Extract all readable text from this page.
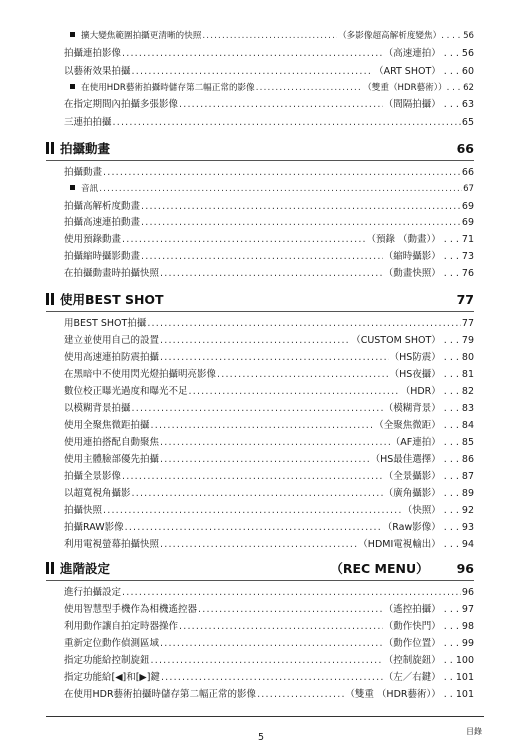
擴大變焦範圍拍攝更清晰的快照 .....	（多影像超高解析度變焦）. . . . 56
拍攝連拍影像 .....	（高速連拍） . . . 56
以藝術效果拍攝 .....	（ART SHOT） . . . 60
在使用HDR藝術拍攝時儲存第二幅正常的影像 .....	（雙重（HDR藝術））. . . 62
在指定期間內拍攝多張影像 .....	（間隔拍攝） . . . 63
三連拍拍攝 .....	65
拍攝動畫	66
拍攝動畫 .....	66
音訊 .....	67
拍攝高解析度動畫 .....	69
拍攝高速連拍動畫 .....	69
使用預錄動畫 .....	（預錄 （動畫）） . . . 71
拍攝縮時攝影動畫 .....	（縮時攝影） . . . 73
在拍攝動畫時拍攝快照 .....	（動畫快照） . . . 76
使用BEST SHOT	77
用BEST SHOT拍攝 .....	77
建立並使用自己的設置 .....	（CUSTOM SHOT） . . . 79
使用高速連拍防震拍攝 .....	（HS防震） . . . 80
在黑暗中不使用閃光燈拍攝明亮影像 .....	（HS夜攝） . . . 81
數位校正曝光過度和曝光不足 .....	（HDR） . . . 82
以模糊背景拍攝 .....	（模糊背景） . . . 83
使用全聚焦微距拍攝 .....	（全聚焦微距） . . . 84
使用連拍搭配自動聚焦 .....	（AF連拍） . . . 85
使用主體臉部優先拍攝 .....	（HS最佳選擇） . . . 86
拍攝全景影像 .....	（全景攝影） . . . 87
以超寬視角攝影 .....	（廣角攝影） . . . 89
拍攝快照 .....	（快照） . . . 92
拍攝RAW影像 .....	（Raw影像） . . . 93
利用電視螢幕拍攝快照 .....	（HDMI電視輸出） . . . 94
進階設定	（REC MENU） 96
進行拍攝設定 .....	96
使用智慧型手機作為相機遙控器 .....	（遙控拍攝） . . . 97
利用動作讓自拍定時器操作 .....	（動作快門） . . . 98
重新定位動作偵測區域 .....	（動作位置） . . . 99
指定功能給控制旋鈕 .....	（控制旋鈕） . . 100
指定功能給[◀]和[▶]鍵 .....	（左／右鍵） . . 101
在使用HDR藝術拍攝時儲存第二幅正常的影像 .....	（雙重 （HDR藝術）） . . 101
5
目錄
